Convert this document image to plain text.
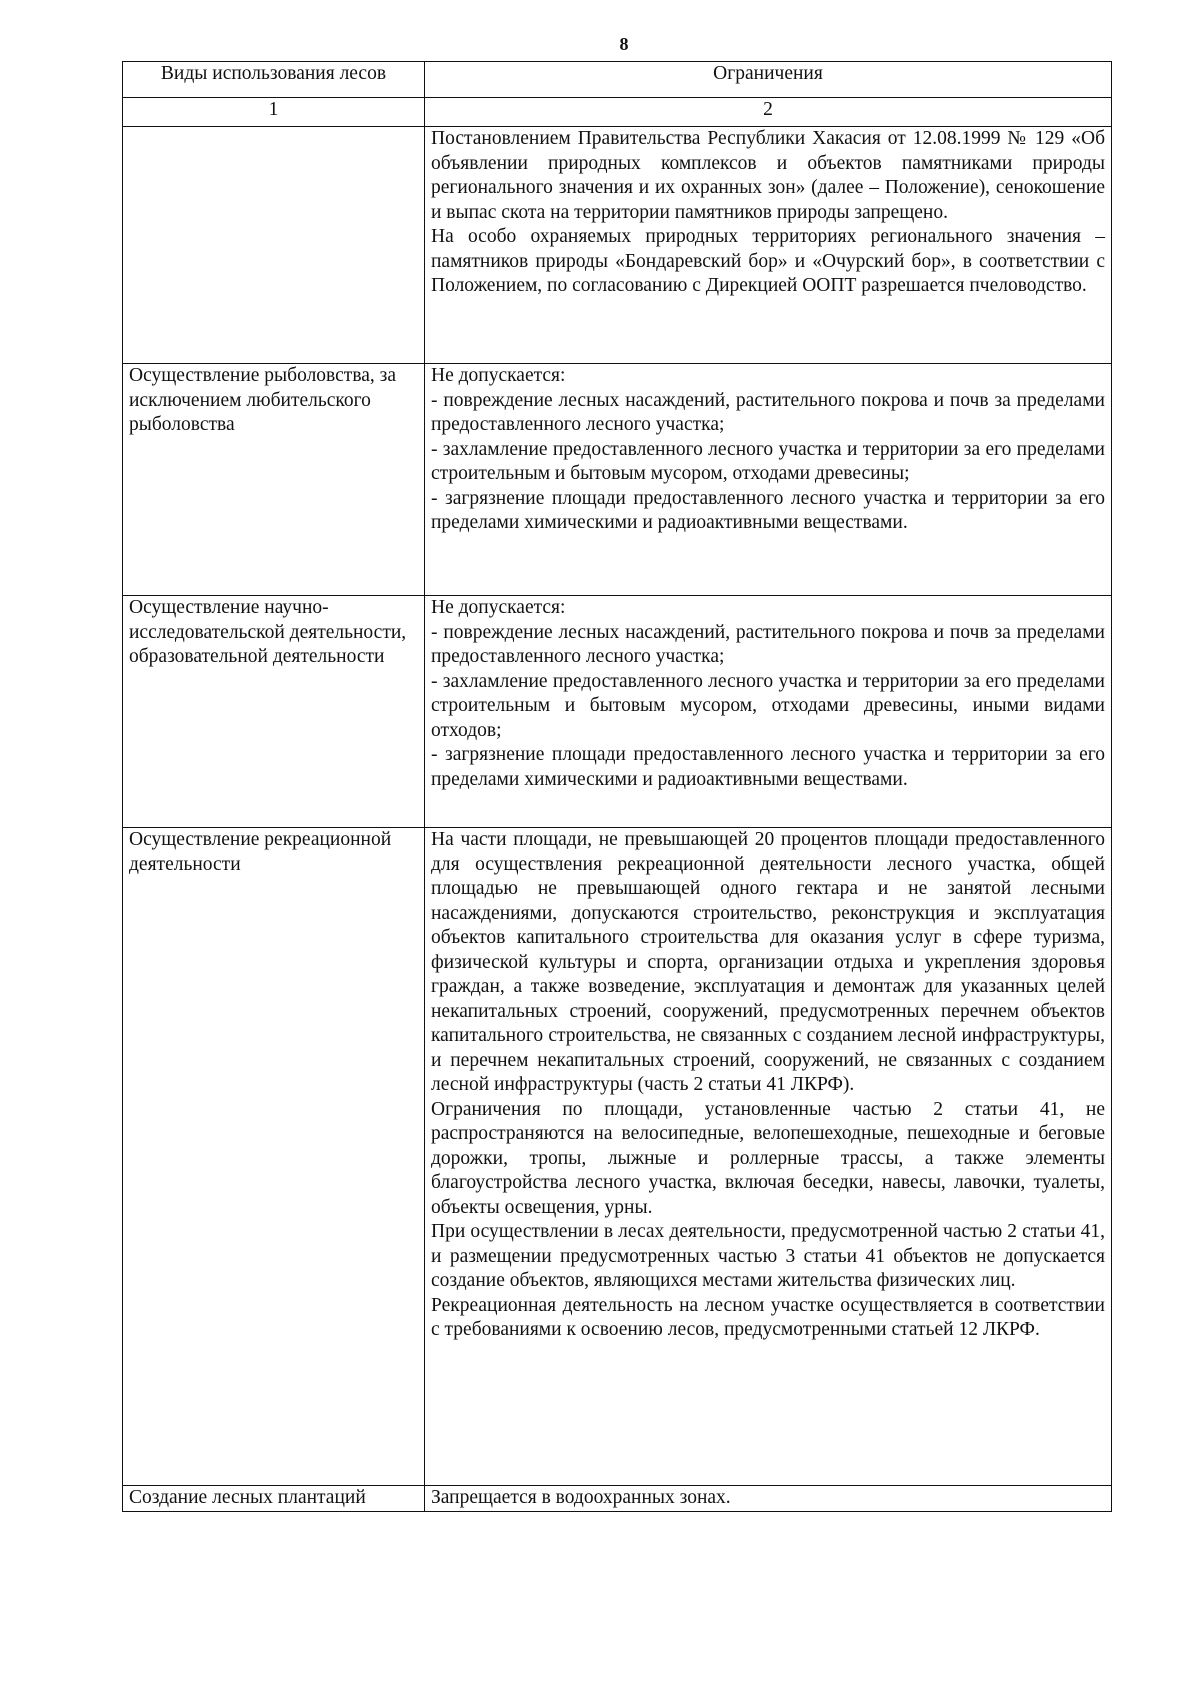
8
Виды использования лесов	Ограничения
1	2

	Постановлением Правительства Республики Хакасия от 12.08.1999 № 129 «Об объявлении природных комплексов и объектов памятниками природы регионального значения и их охранных зон» (далее – Положение), сенокошение и выпас скота на территории памятников природы запрещено.

На особо охраняемых природных территориях регионального значения – памятников природы «Бондаревский бор» и «Очурский бор», в соответствии с Положением, по согласованию с Дирекцией ООПТ разрешается пчеловодство.

Осуществление рыболовства, за исключением любительского рыболовства	Не допускается:

- повреждение лесных насаждений, растительного покрова и почв за пределами предоставленного лесного участка;

- захламление предоставленного лесного участка и территории за его пределами строительным и бытовым мусором, отходами древесины;

- загрязнение площади предоставленного лесного участка и территории за его пределами химическими и радиоактивными веществами.

Осуществление научно-исследовательской деятельности, образовательной деятельности	Не допускается:

- повреждение лесных насаждений, растительного покрова и почв за пределами предоставленного лесного участка;

- захламление предоставленного лесного участка и территории за его пределами строительным и бытовым мусором, отходами древесины, иными видами отходов;

- загрязнение площади предоставленного лесного участка и территории за его пределами химическими и радиоактивными веществами.

Осуществление рекреационной деятельности	На части площади, не превышающей 20 процентов площади предоставленного для осуществления рекреационной деятельности лесного участка, общей площадью не превышающей одного гектара и не занятой лесными насаждениями, допускаются строительство, реконструкция и эксплуатация объектов капитального строительства для оказания услуг в сфере туризма, физической культуры и спорта, организации отдыха и укрепления здоровья граждан, а также возведение, эксплуатация и демонтаж для указанных целей некапитальных строений, сооружений, предусмотренных перечнем объектов капитального строительства, не связанных с созданием лесной инфраструктуры, и перечнем некапитальных строений, сооружений, не связанных с созданием лесной инфраструктуры (часть 2 статьи 41 ЛКРФ).

Ограничения по площади, установленные частью 2 статьи 41, не распространяются на велосипедные, велопешеходные, пешеходные и беговые дорожки, тропы, лыжные и роллерные трассы, а также элементы благоустройства лесного участка, включая беседки, навесы, лавочки, туалеты, объекты освещения, урны.

При осуществлении в лесах деятельности, предусмотренной частью 2 статьи 41, и размещении предусмотренных частью 3 статьи 41 объектов не допускается создание объектов, являющихся местами жительства физических лиц.

Рекреационная деятельность на лесном участке осуществляется в соответствии с требованиями к освоению лесов, предусмотренными статьей 12 ЛКРФ.

Создание лесных плантаций	Запрещается в водоохранных зонах.
